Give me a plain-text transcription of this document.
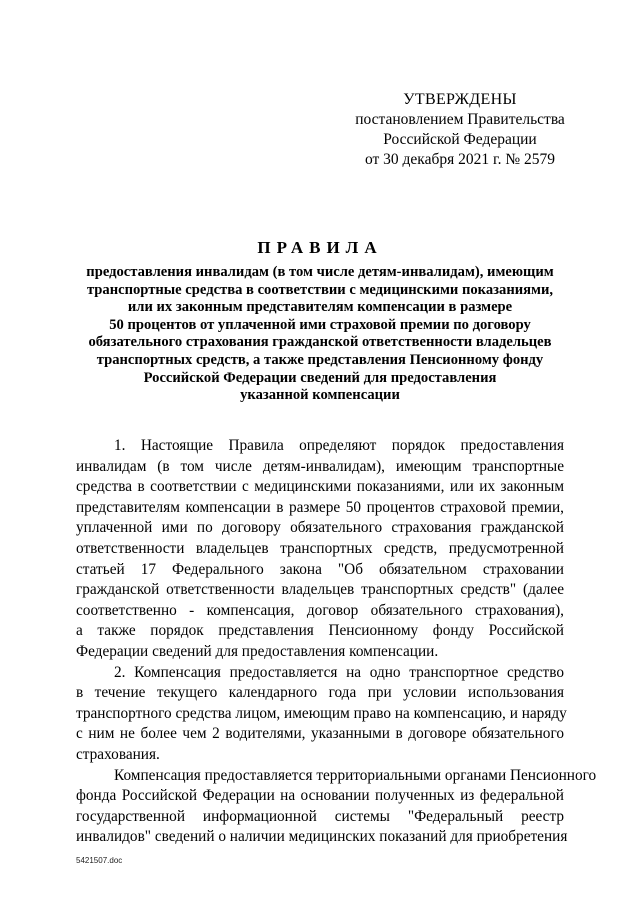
УТВЕРЖДЕНЫ
постановлением Правительства
Российской Федерации
от 30 декабря 2021 г. № 2579
ПРАВИЛА
предоставления инвалидам (в том числе детям-инвалидам), имеющим
транспортные средства в соответствии с медицинскими показаниями,
или их законным представителям компенсации в размере
50 процентов от уплаченной ими страховой премии по договору
обязательного страхования гражданской ответственности владельцев
транспортных средств, а также представления Пенсионному фонду
Российской Федерации сведений для предоставления
указанной компенсации
1. Настоящие Правила определяют порядок предоставления
инвалидам (в том числе детям-инвалидам), имеющим транспортные
средства в соответствии с медицинскими показаниями, или их законным
представителям компенсации в размере 50 процентов страховой премии,
уплаченной ими по договору обязательного страхования гражданской
ответственности владельцев транспортных средств, предусмотренной
статьей 17 Федерального закона "Об обязательном страховании
гражданской ответственности владельцев транспортных средств" (далее
соответственно - компенсация, договор обязательного страхования),
а также порядок представления Пенсионному фонду Российской
Федерации сведений для предоставления компенсации.
2. Компенсация предоставляется на одно транспортное средство
в течение текущего календарного года при условии использования
транспортного средства лицом, имеющим право на компенсацию, и наряду
с ним не более чем 2 водителями, указанными в договоре обязательного
страхования.
Компенсация предоставляется территориальными органами Пенсионного
фонда Российской Федерации на основании полученных из федеральной
государственной информационной системы "Федеральный реестр
инвалидов" сведений о наличии медицинских показаний для приобретения
5421507.doc
